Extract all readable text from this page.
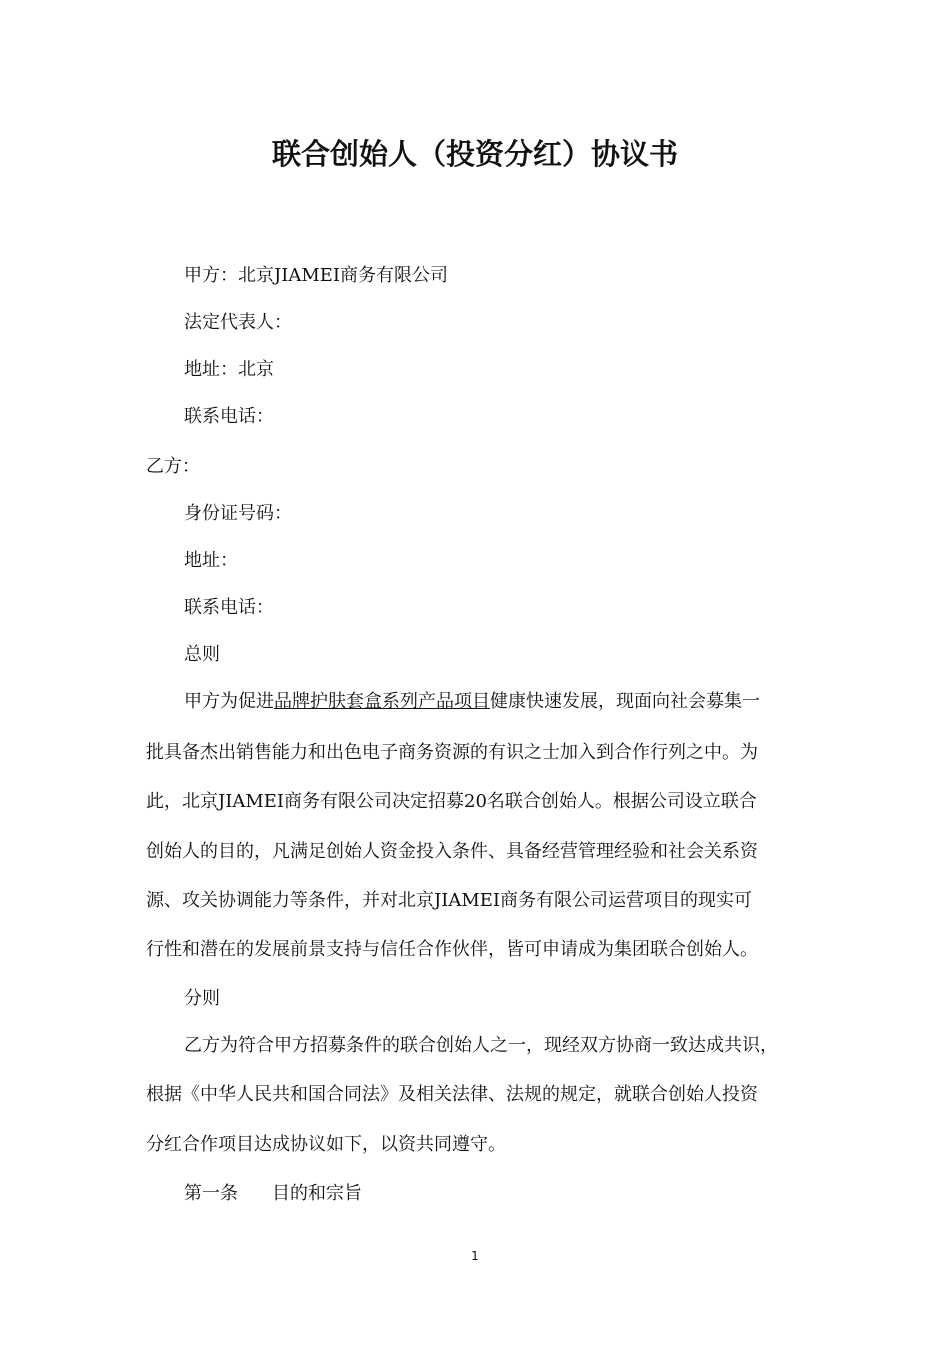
联合创始人（投资分红）协议书
甲方：北京JIAMEI商务有限公司
法定代表人：
地址：北京
联系电话：
乙方：
身份证号码：
地址：
联系电话：
总则
甲方为促进品牌护肤套盒系列产品项目健康快速发展，现面向社会募集一
批具备杰出销售能力和出色电子商务资源的有识之士加入到合作行列之中。为
此，北京JIAMEI商务有限公司决定招募20名联合创始人。根据公司设立联合
创始人的目的，凡满足创始人资金投入条件、具备经营管理经验和社会关系资
源、攻关协调能力等条件，并对北京JIAMEI商务有限公司运营项目的现实可
行性和潜在的发展前景支持与信任合作伙伴，皆可申请成为集团联合创始人。
分则
乙方为符合甲方招募条件的联合创始人之一，现经双方协商一致达成共识，
根据《中华人民共和国合同法》及相关法律、法规的规定，就联合创始人投资
分红合作项目达成协议如下，以资共同遵守。
第一条 目的和宗旨
1
